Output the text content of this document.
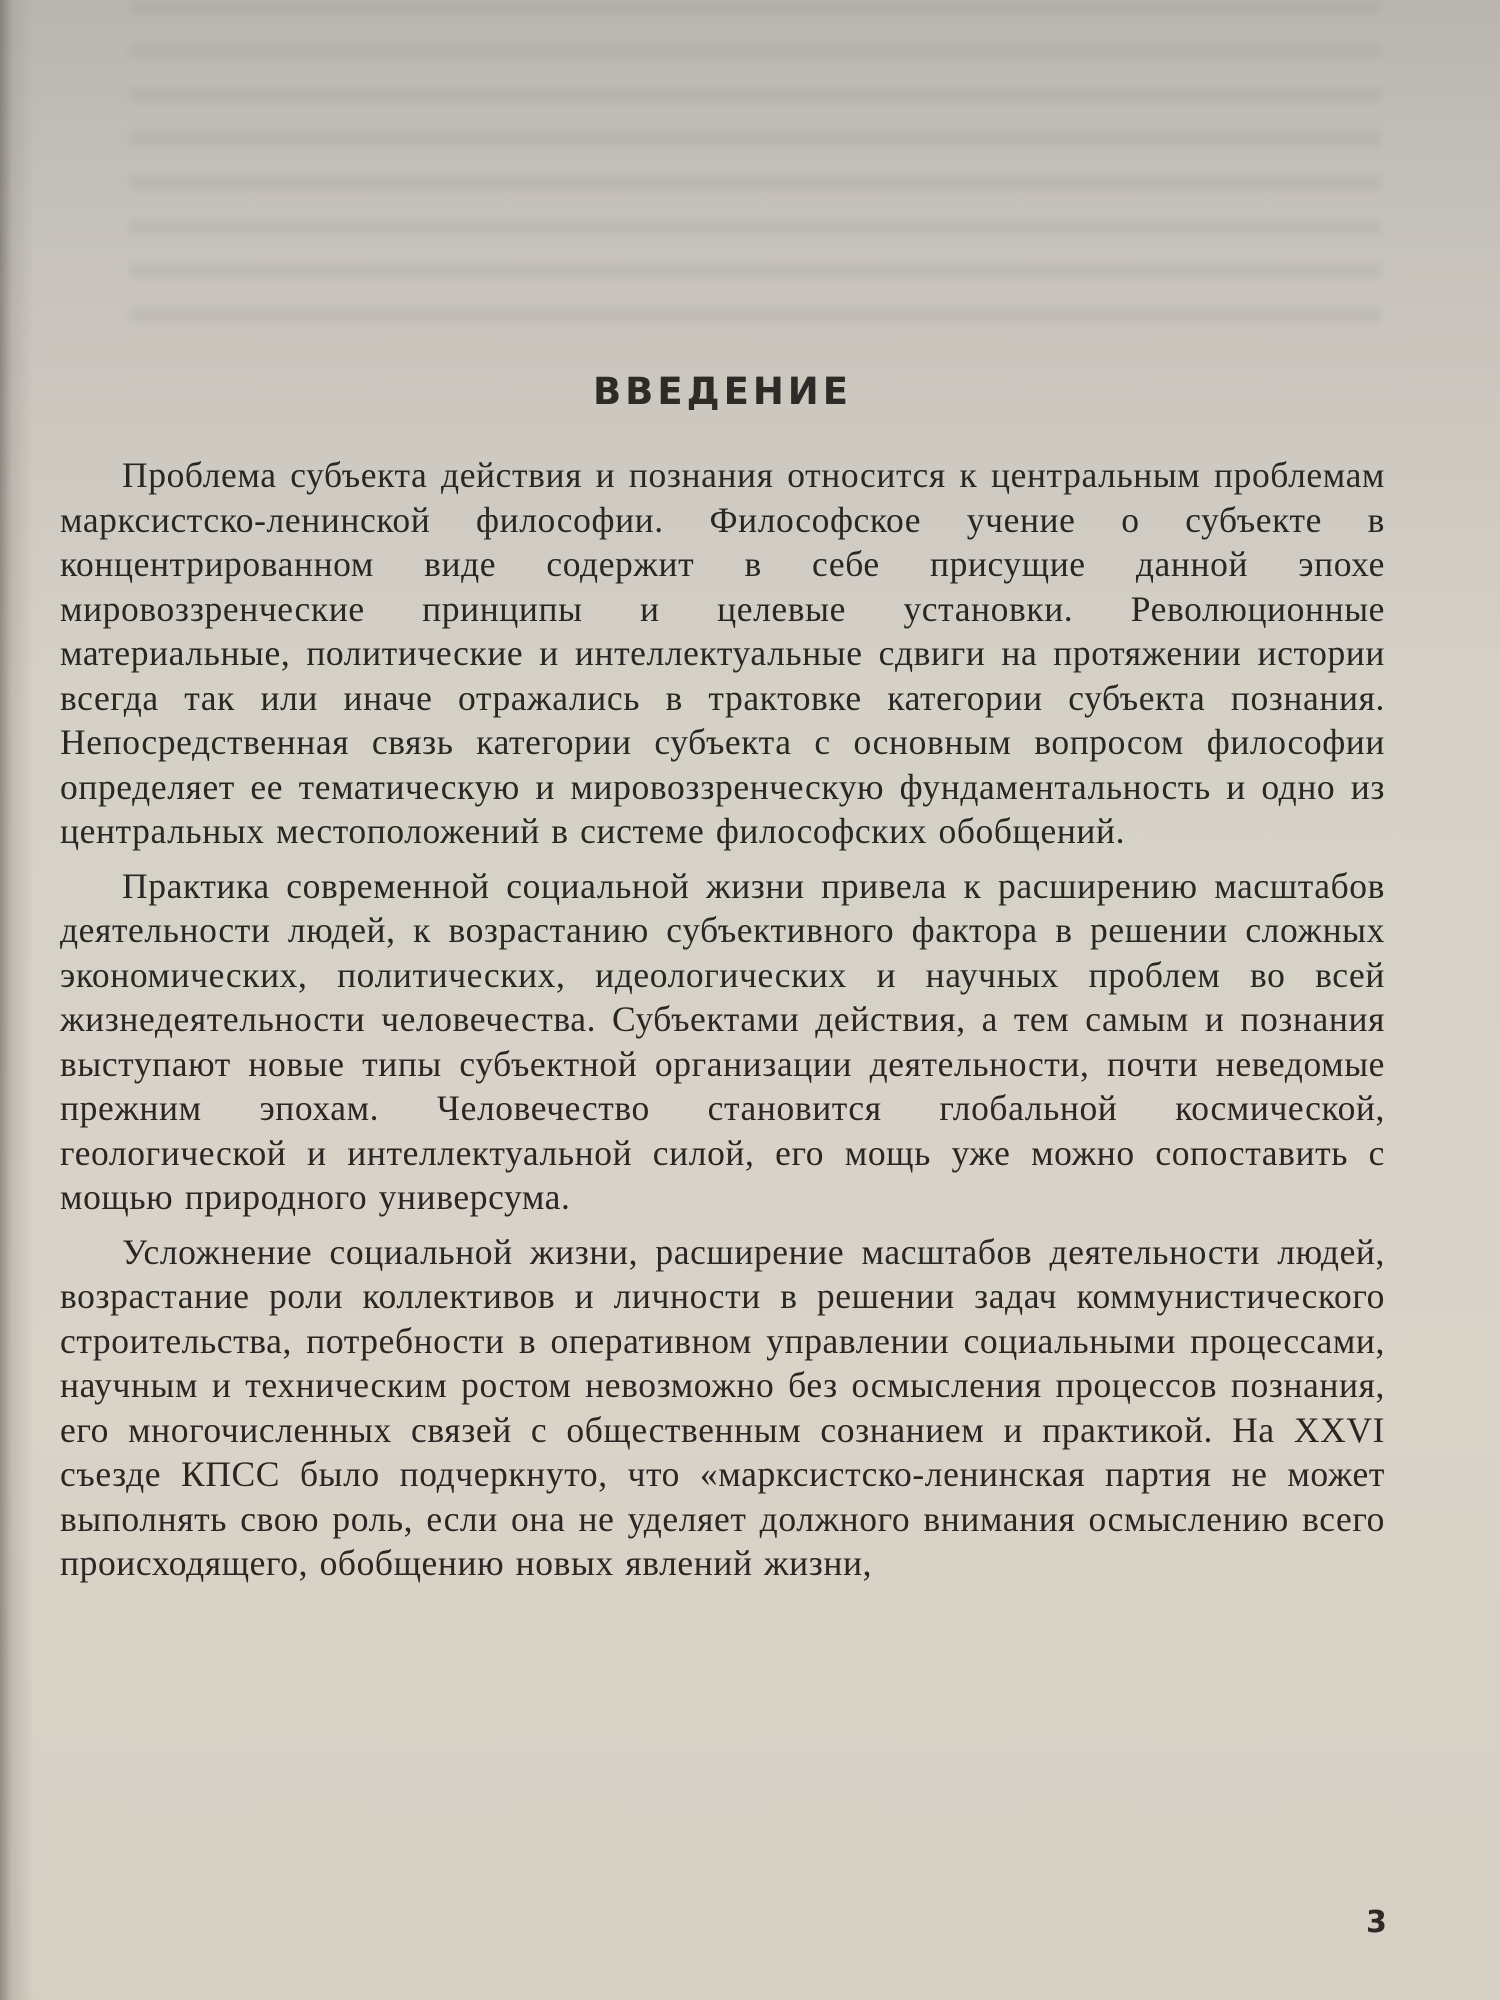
ВВЕДЕНИЕ

Проблема субъекта действия и познания относится к центральным проблемам марксистско-ленинской философии. Философское учение о субъекте в концентрированном виде содержит в себе присущие данной эпохе мировоззренческие принципы и целевые установки. Революционные материальные, политические и интеллектуальные сдвиги на протяжении истории всегда так или иначе отражались в трактовке категории субъекта познания. Непосредственная связь категории субъекта с основным вопросом философии определяет ее тематическую и мировоззренческую фундаментальность и одно из центральных местоположений в системе философских обобщений.

Практика современной социальной жизни привела к расширению масштабов деятельности людей, к возрастанию субъективного фактора в решении сложных экономических, политических, идеологических и научных проблем во всей жизнедеятельности человечества. Субъектами действия, а тем самым и познания выступают новые типы субъектной организации деятельности, почти неведомые прежним эпохам. Человечество становится глобальной космической, геологической и интеллектуальной силой, его мощь уже можно сопоставить с мощью природного универсума.

Усложнение социальной жизни, расширение масштабов деятельности людей, возрастание роли коллективов и личности в решении задач коммунистического строительства, потребности в оперативном управлении социальными процессами, научным и техническим ростом невозможно без осмысления процессов познания, его многочисленных связей с общественным сознанием и практикой. На XXVI съезде КПСС было подчеркнуто, что «марксистско-ленинская партия не может выполнять свою роль, если она не уделяет должного внимания осмыслению всего происходящего, обобщению новых явлений жизни,

3
